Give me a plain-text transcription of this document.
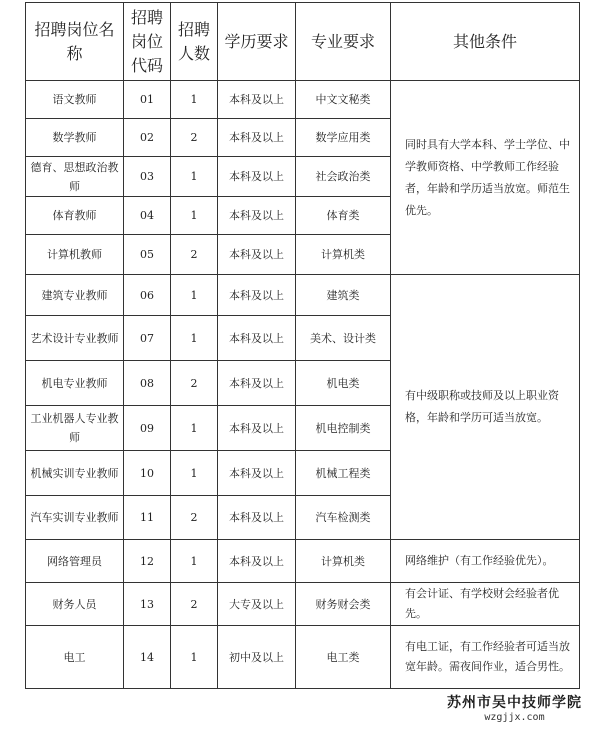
招聘岗位名称	招聘岗位代码	招聘人数	学历要求	专业要求	其他条件
语文教师	01	1	本科及以上	中文文秘类	同时具有大学本科、学士学位、中学教师资格、中学教师工作经验者，年龄和学历适当放宽。师范生优先。
数学教师	02	2	本科及以上	数学应用类	
德育、思想政治教师	03	1	本科及以上	社会政治类	
体育教师	04	1	本科及以上	体育类	
计算机教师	05	2	本科及以上	计算机类	
建筑专业教师	06	1	本科及以上	建筑类	有中级职称或技师及以上职业资格，年龄和学历可适当放宽。
艺术设计专业教师	07	1	本科及以上	美术、设计类	
机电专业教师	08	2	本科及以上	机电类	
工业机器人专业教师	09	1	本科及以上	机电控制类	
机械实训专业教师	10	1	本科及以上	机械工程类	
汽车实训专业教师	11	2	本科及以上	汽车检测类	
网络管理员	12	1	本科及以上	计算机类	网络维护（有工作经验优先）。
财务人员	13	2	大专及以上	财务财会类	有会计证、有学校财会经验者优先。
电工	14	1	初中及以上	电工类	有电工证，有工作经验者可适当放宽年龄。需夜间作业，适合男性。
苏州市吴中技师学院
wzgjjx.com
